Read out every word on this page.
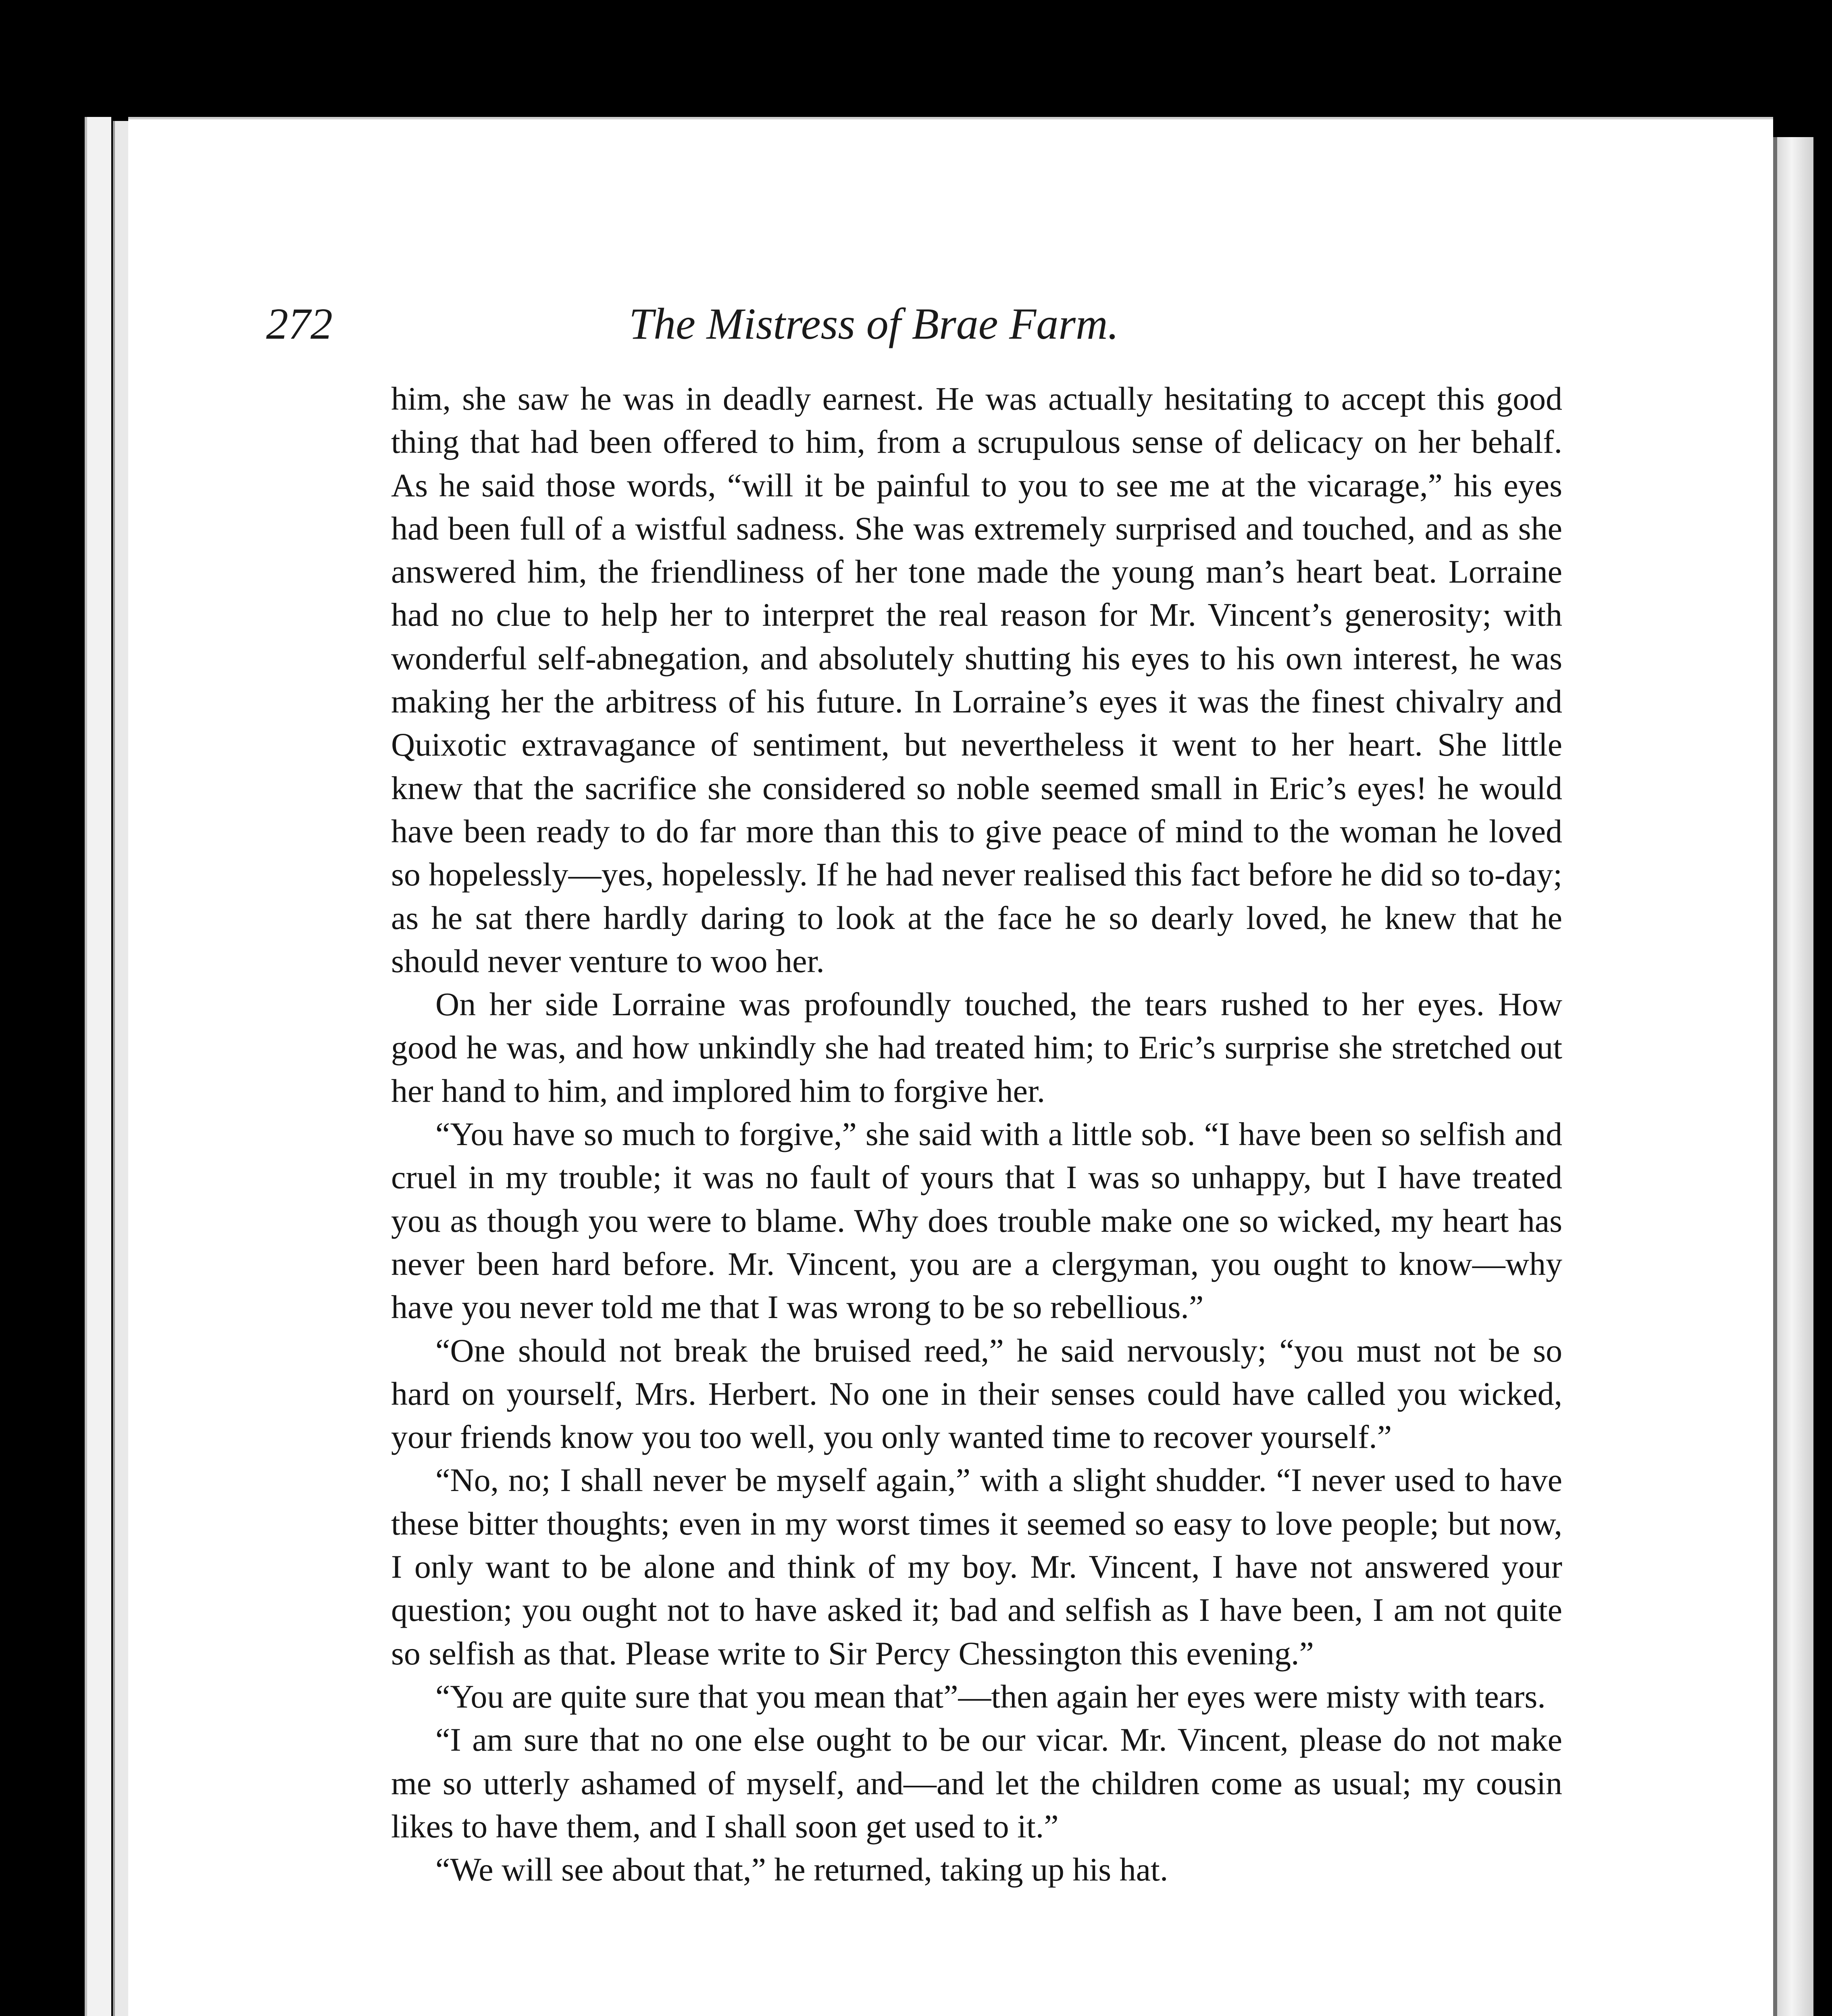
272	The Mistress of Brae Farm.

him, she saw he was in deadly earnest. He was actually hesitating to accept this good thing that had been offered to him, from a scrupulous sense of delicacy on her behalf. As he said those words, “will it be painful to you to see me at the vicarage,” his eyes had been full of a wistful sadness. She was extremely surprised and touched, and as she answered him, the friendliness of her tone made the young man’s heart beat. Lorraine had no clue to help her to interpret the real reason for Mr. Vincent’s generosity; with wonderful self-abnegation, and absolutely shutting his eyes to his own interest, he was making her the arbitress of his future. In Lorraine’s eyes it was the finest chivalry and Quixotic extravagance of sentiment, but nevertheless it went to her heart. She little knew that the sacrifice she considered so noble seemed small in Eric’s eyes! he would have been ready to do far more than this to give peace of mind to the woman he loved so hopelessly—yes, hopelessly. If he had never realised this fact before he did so to-day; as he sat there hardly daring to look at the face he so dearly loved, he knew that he should never venture to woo her.

On her side Lorraine was profoundly touched, the tears rushed to her eyes. How good he was, and how unkindly she had treated him; to Eric’s surprise she stretched out her hand to him, and implored him to forgive her.

“You have so much to forgive,” she said with a little sob. “I have been so selfish and cruel in my trouble; it was no fault of yours that I was so unhappy, but I have treated you as though you were to blame. Why does trouble make one so wicked, my heart has never been hard before. Mr. Vincent, you are a clergyman, you ought to know—why have you never told me that I was wrong to be so rebellious.”

“One should not break the bruised reed,” he said nervously; “you must not be so hard on yourself, Mrs. Herbert. No one in their senses could have called you wicked, your friends know you too well, you only wanted time to recover yourself.”

“No, no; I shall never be myself again,” with a slight shudder. “I never used to have these bitter thoughts; even in my worst times it seemed so easy to love people; but now, I only want to be alone and think of my boy. Mr. Vincent, I have not answered your question; you ought not to have asked it; bad and selfish as I have been, I am not quite so selfish as that. Please write to Sir Percy Chessington this evening.”

“You are quite sure that you mean that”—then again her eyes were misty with tears.

“I am sure that no one else ought to be our vicar. Mr. Vincent, please do not make me so utterly ashamed of myself, and—and let the children come as usual; my cousin likes to have them, and I shall soon get used to it.”

“We will see about that,” he returned, taking up his hat.
